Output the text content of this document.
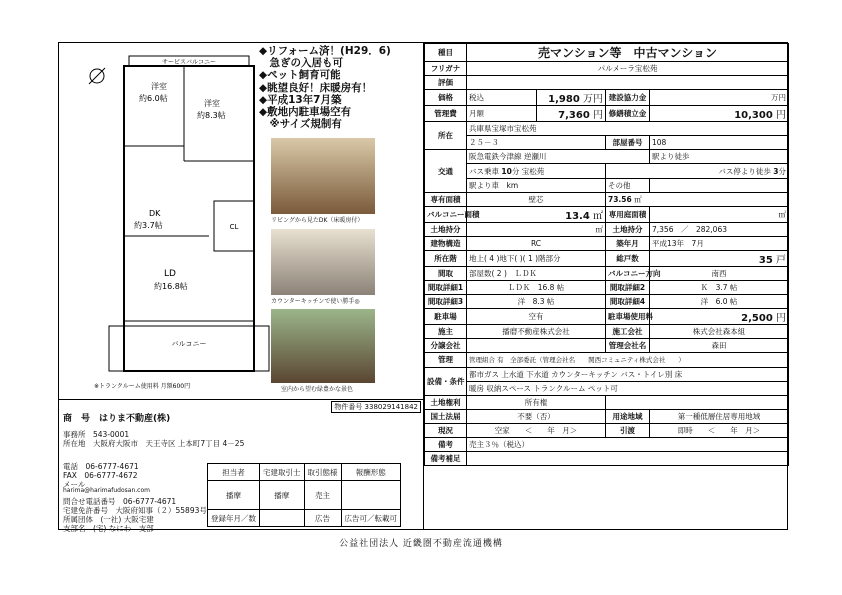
サービスバルコニー
洋室
約6.0帖
洋室
約8.3帖
CL
DK
約3.7帖
LD
約16.8帖
バルコニー
※トランクルーム使用料 月額600円
◆リフォーム済！(H29．6)
　急ぎの入居も可
◆ペット飼育可能
◆眺望良好！床暖房有！
◆平成13年7月築
◆敷地内駐車場空有
　※サイズ規制有
リビングから見たDK（床暖房付）
カウンターキッチンで使い勝手◎
室内から望む緑豊かな景色
物件番号 338029141842
商　号　 はりま不動産(株)
事務所　 543-0001
所在地　 大阪府大阪市　天王寺区 上本町7丁目 4－25
電話　 06-6777-4671
FAX　 06-6777-4672
メール
harima@harimafudosan.com
問合せ電話番号　 06-6777-4671
宅建免許番号　 大阪府知事（２）55893号
所属団体　 (一社) 大阪宅建
支部名　 (宅) なにわ　 支部
担当者	宅建取引士	取引態様	報酬形態
播摩	播摩	売主	
登録年月／数		広告	広告可／転載可
種目	売マンション等　中古マンション			
フリガナ	パルメーラ宝松苑			
評価				
価格	税込	1,980 万円	建設協力金	万円
管理費	月額	7,360 円	修繕積立金	10,300 円
所在	兵庫県宝塚市宝松苑			
	２５－３		部屋番号	108
交通	阪急電鉄今津線 逆瀬川			駅より徒歩
	バス乗車 10分 宝松苑		バス停より徒歩 3分	
	駅より車　 km		その他	
専有面積	壁芯		73.56 ㎡	
バルコニー面積	13.4 ㎡		専用庭面積	㎡
土地持分	㎡		土地持分	7,356　／　282,063
建物構造	RC		築年月	平成13年　7月
所在階	地上( 4 )地下( )( 1 )階部分		総戸数	35 戸
間取	部屋数( 2 )　ＬＤＫ		バルコニー方向	南西
間取詳細1	ＬＤＫ　16.8 帖		間取詳細2	Ｋ　3.7 帖
間取詳細3	洋　8.3 帖		間取詳細4	洋　6.0 帖
駐車場	空有		駐車場使用料	2,500 円
施主	播磨不動産株式会社		施工会社	株式会社森本組
分譲会社			管理会社名	森田
管理	管理組合 有　全部委託（管理会社名　　関西コミュニティ株式会社　　）			
設備・条件	都市ガス 上水道 下水道 カウンターキッチン バス・トイレ別 床			
	暖房 収納スペース トランクルーム ペット可			
土地権利	所有権			
国土法届	不要（否）		用途地域	第一種低層住居専用地域
現況	空家　　＜　　年　月＞		引渡	即時　　＜　　年　月＞
備考	売主３％（税込）			
備考補足				
公益社団法人 近畿圏不動産流通機構
